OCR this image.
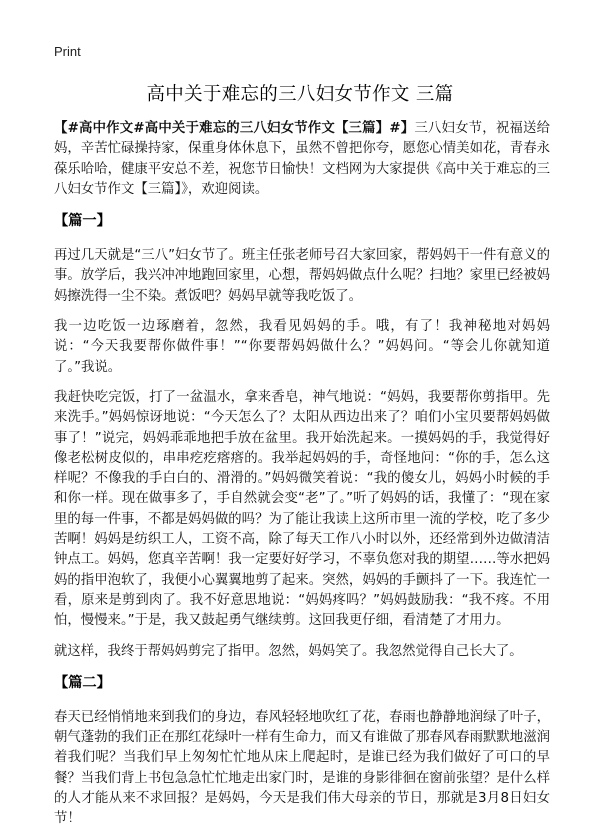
Print
高中关于难忘的三八妇女节作文 三篇

【#高中作文#高中关于难忘的三八妇女节作文【三篇】#】三八妇女节，祝福送给妈，辛苦忙碌操持家，保重身体休息下，虽然不曾把你夸，愿您心情美如花，青春永葆乐哈哈，健康平安总不差，祝您节日愉快！文档网为大家提供《高中关于难忘的三八妇女节作文【三篇】》，欢迎阅读。

【篇一】

再过几天就是“三八”妇女节了。班主任张老师号召大家回家，帮妈妈干一件有意义的事。放学后，我兴冲冲地跑回家里，心想，帮妈妈做点什么呢？扫地？家里已经被妈妈擦洗得一尘不染。煮饭吧？妈妈早就等我吃饭了。

我一边吃饭一边琢磨着，忽然，我看见妈妈的手。哦，有了！我神秘地对妈妈说：“今天我要帮你做件事！”“你要帮妈妈做什么？”妈妈问。“等会儿你就知道了。”我说。

我赶快吃完饭，打了一盆温水，拿来香皂，神气地说：“妈妈，我要帮你剪指甲。先来洗手。”妈妈惊讶地说：“今天怎么了？太阳从西边出来了？咱们小宝贝要帮妈妈做事了！”说完，妈妈乖乖地把手放在盆里。我开始洗起来。一摸妈妈的手，我觉得好像老松树皮似的，串串疙疙瘩瘩的。我举起妈妈的手，奇怪地问：“你的手，怎么这样呢？不像我的手白白的、滑滑的。”妈妈微笑着说：“我的傻女儿，妈妈小时候的手和你一样。现在做事多了，手自然就会变“老”了。”听了妈妈的话，我懂了：“现在家里的每一件事，不都是妈妈做的吗？为了能让我读上这所市里一流的学校，吃了多少苦啊！妈妈是纺织工人，工资不高，除了每天工作八小时以外，还经常到外边做清洁钟点工。妈妈，您真辛苦啊！我一定要好好学习，不辜负您对我的期望……等水把妈妈的指甲泡软了，我便小心翼翼地剪了起来。突然，妈妈的手颤抖了一下。我连忙一看，原来是剪到肉了。我不好意思地说：“妈妈疼吗？”妈妈鼓励我：“我不疼。不用怕，慢慢来。”于是，我又鼓起勇气继续剪。这回我更仔细，看清楚了才用力。

就这样，我终于帮妈妈剪完了指甲。忽然，妈妈笑了。我忽然觉得自己长大了。

【篇二】

春天已经悄悄地来到我们的身边，春风轻轻地吹红了花，春雨也静静地润绿了叶子，朝气蓬勃的我们正在那红花绿叶一样有生命力，而又有谁做了那春风春雨默默地滋润着我们呢？当我们早上匆匆忙忙地从床上爬起时，是谁已经为我们做好了可口的早餐？当我们背上书包急急忙忙地走出家门时，是谁的身影徘徊在窗前张望？是什么样的人才能从来不求回报？是妈妈，今天是我们伟大母亲的节日，那就是3月8日妇女节！
